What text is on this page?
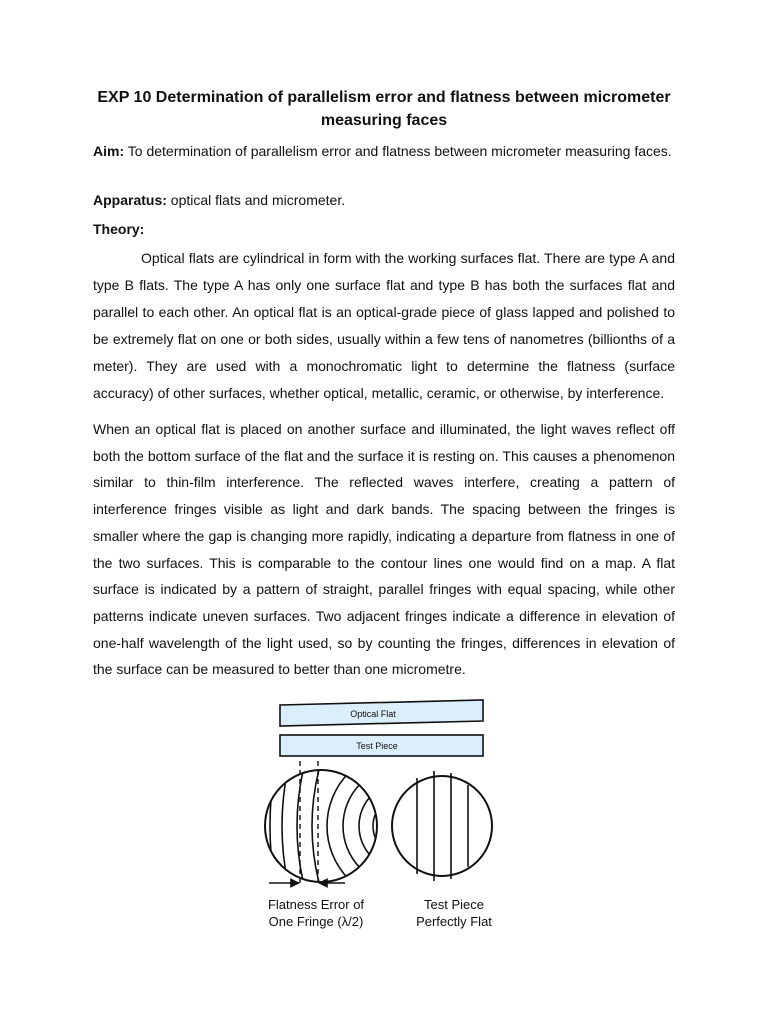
EXP 10 Determination of parallelism error and flatness between micrometer measuring faces
Aim: To determination of parallelism error and flatness between micrometer measuring faces.
Apparatus: optical flats and micrometer.
Theory:
Optical flats are cylindrical in form with the working surfaces flat. There are type A and type B flats. The type A has only one surface flat and type B has both the surfaces flat and parallel to each other. An optical flat is an optical-grade piece of glass lapped and polished to be extremely flat on one or both sides, usually within a few tens of nanometres (billionths of a meter). They are used with a monochromatic light to determine the flatness (surface accuracy) of other surfaces, whether optical, metallic, ceramic, or otherwise, by interference.
When an optical flat is placed on another surface and illuminated, the light waves reflect off both the bottom surface of the flat and the surface it is resting on. This causes a phenomenon similar to thin-film interference. The reflected waves interfere, creating a pattern of interference fringes visible as light and dark bands. The spacing between the fringes is smaller where the gap is changing more rapidly, indicating a departure from flatness in one of the two surfaces. This is comparable to the contour lines one would find on a map. A flat surface is indicated by a pattern of straight, parallel fringes with equal spacing, while other patterns indicate uneven surfaces. Two adjacent fringes indicate a difference in elevation of one-half wavelength of the light used, so by counting the fringes, differences in elevation of the surface can be measured to better than one micrometre.
Optical Flat
Test Piece
Flatness Error of
One Fringe (λ/2)
Test Piece
Perfectly Flat
